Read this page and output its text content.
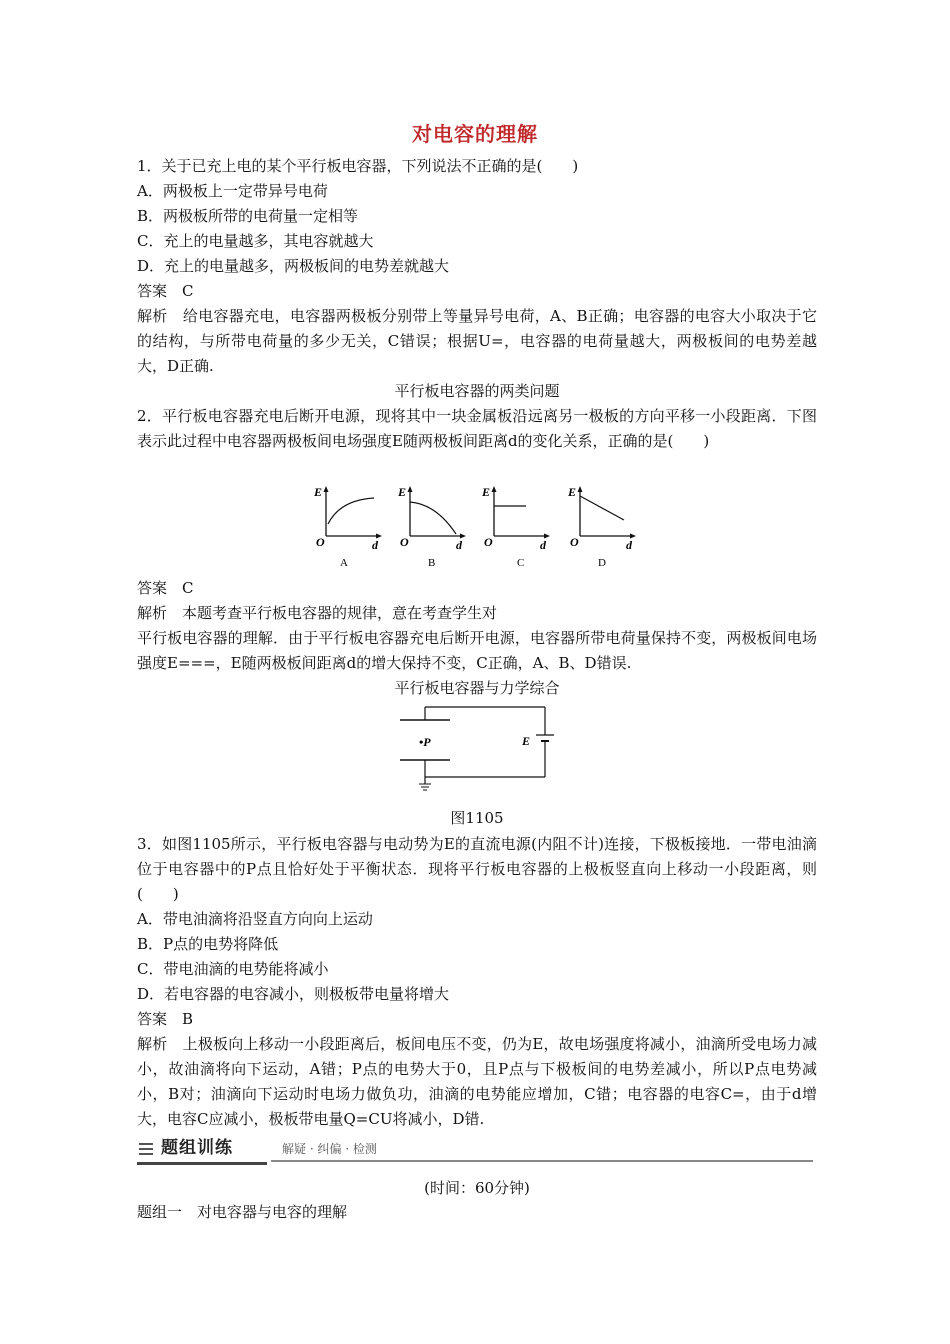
对电容的理解

1．关于已充上电的某个平行板电容器，下列说法不正确的是(　　)

A．两极板上一定带异号电荷

B．两极板所带的电荷量一定相等

C．充上的电量越多，其电容就越大

D．充上的电量越多，两极板间的电势差就越大

答案　C

解析　给电容器充电，电容器两极板分别带上等量异号电荷，A、B正确；电容器的电容大小取决于它的结构，与所带电荷量的多少无关，C错误；根据U=，电容器的电荷量越大，两极板间的电势差越大，D正确.

平行板电容器的两类问题

2．平行板电容器充电后断开电源，现将其中一块金属板沿远离另一极板的方向平移一小段距离．下图表示此过程中电容器两极板间电场强度E随两极板间距离d的变化关系，正确的是(　　)

E
O	d
A
E
O	d
B
E
O	d
C
E
O	d
D

答案　C

解析　本题考查平行板电容器的规律，意在考查学生对

平行板电容器的理解．由于平行板电容器充电后断开电源，电容器所带电荷量保持不变，两极板间电场强度E===，E随两极板间距离d的增大保持不变，C正确，A、B、D错误.

平行板电容器与力学综合

•P	E
图1105

3．如图1105所示，平行板电容器与电动势为E的直流电源(内阻不计)连接，下极板接地．一带电油滴位于电容器中的P点且恰好处于平衡状态．现将平行板电容器的上极板竖直向上移动一小段距离，则(　　)

A．带电油滴将沿竖直方向向上运动

B．P点的电势将降低

C．带电油滴的电势能将减小

D．若电容器的电容减小，则极板带电量将增大

答案　B

解析　上极板向上移动一小段距离后，板间电压不变，仍为E，故电场强度将减小，油滴所受电场力减小，故油滴将向下运动，A错；P点的电势大于0，且P点与下极板间的电势差减小，所以P点电势减小，B对；油滴向下运动时电场力做负功，油滴的电势能应增加，C错；电容器的电容C=，由于d增大，电容C应减小，极板带电量Q=CU将减小，D错.

题组训练	解疑 · 纠偏 · 检测
(时间：60分钟)
题组一　对电容器与电容的理解
